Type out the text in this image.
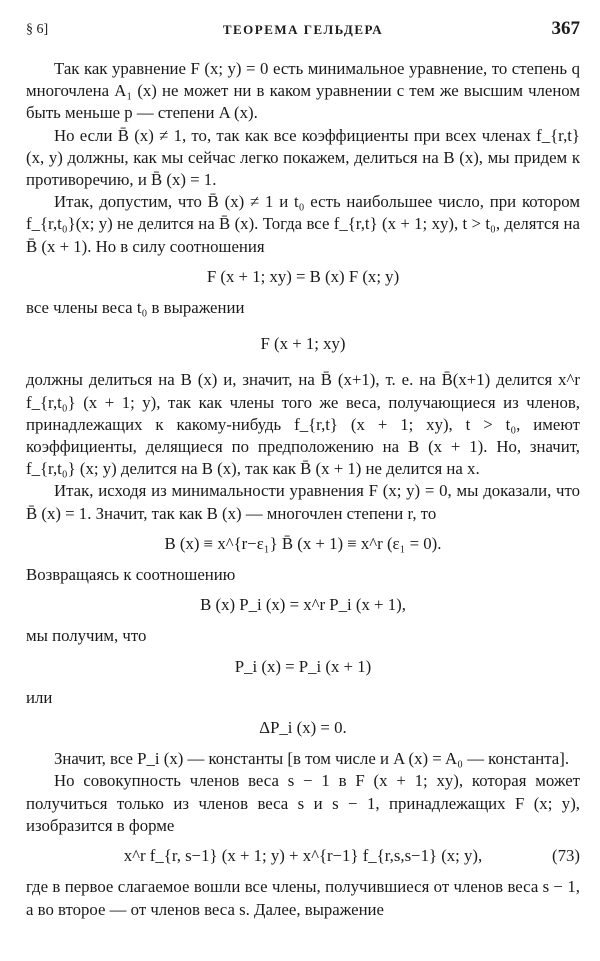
§ 6]	ТЕОРЕМА ГЕЛЬДЕРА	367

Так как уравнение F (x; y) = 0 есть минимальное уравнение, то степень q многочлена A₁ (x) не может ни в каком уравнении с тем же высшим членом быть меньше p — степени A (x).

Но если B̄ (x) ≠ 1, то, так как все коэффициенты при всех членах f_{r,t} (x, y) должны, как мы сейчас легко покажем, делиться на B (x), мы придем к противоречию, и B̄ (x) = 1.

Итак, допустим, что B̄ (x) ≠ 1 и t₀ есть наибольшее число, при котором f_{r,t₀}(x; y) не делится на B̄ (x). Тогда все f_{r,t} (x + 1; xy), t > t₀, делятся на B̄ (x + 1). Но в силу соотношения

F (x + 1; xy) = B (x) F (x; y)

все члены веса t₀ в выражении

F (x + 1; xy)

должны делиться на B (x) и, значит, на B̄ (x+1), т. е. на B̄(x+1) делится x^r f_{r,t₀} (x + 1; y), так как члены того же веса, получающиеся из членов, принадлежащих к какому-нибудь f_{r,t} (x + 1; xy), t > t₀, имеют коэффициенты, делящиеся по предположению на B (x + 1). Но, значит, f_{r,t₀} (x; y) делится на B (x), так как B̄ (x + 1) не делится на x.

Итак, исходя из минимальности уравнения F (x; y) = 0, мы доказали, что B̄ (x) = 1. Значит, так как B (x) — многочлен степени r, то

B (x) ≡ x^{r−ε₁} B̄ (x + 1) ≡ x^r (ε₁ = 0).

Возвращаясь к соотношению

B (x) P_i (x) = x^r P_i (x + 1),

мы получим, что

P_i (x) = P_i (x + 1)

или

ΔP_i (x) = 0.

Значит, все P_i (x) — константы [в том числе и A (x) = A₀ — константа].

Но совокупность членов веса s − 1 в F (x + 1; xy), которая может получиться только из членов веса s и s − 1, принадлежащих F (x; y), изобразится в форме

x^r f_{r, s−1} (x + 1; y) + x^{r−1} f_{r,s,s−1} (x; y),	(73)

где в первое слагаемое вошли все члены, получившиеся от членов веса s − 1, а во второе — от членов веса s. Далее, выражение
